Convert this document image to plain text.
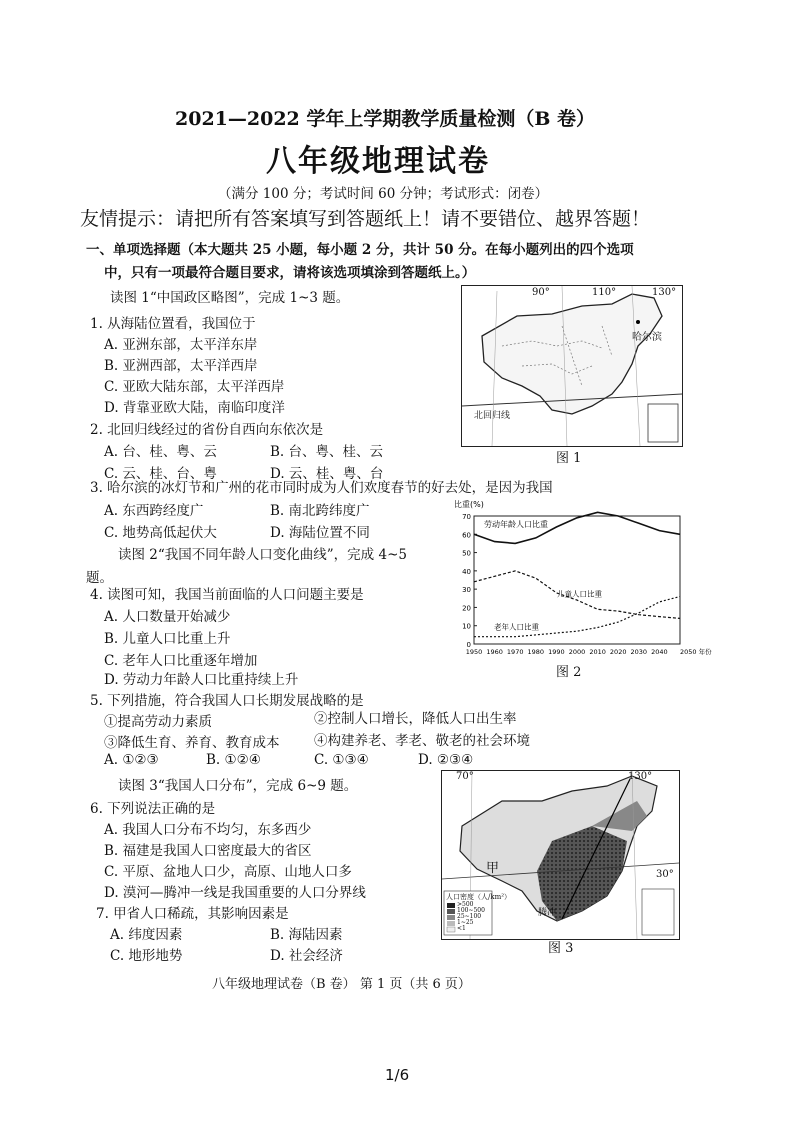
2021—2022 学年上学期教学质量检测（B 卷）
八年级地理试卷
（满分 100 分；考试时间 60 分钟；考试形式：闭卷）
友情提示：请把所有答案填写到答题纸上！请不要错位、越界答题！
一、单项选择题（本大题共 25 小题，每小题 2 分，共计 50 分。在每小题列出的四个选项
中，只有一项最符合题目要求，请将该选项填涂到答题纸上。）
读图 1“中国政区略图”，完成 1~3 题。
1. 从海陆位置看，我国位于
A. 亚洲东部，太平洋东岸
B. 亚洲西部，太平洋西岸
C. 亚欧大陆东部，太平洋西岸
D. 背靠亚欧大陆，南临印度洋
2. 北回归线经过的省份自西向东依次是
A. 台、桂、粤、云	B. 台、粤、桂、云
C. 云、桂、台、粤	D. 云、桂、粤、台
3. 哈尔滨的冰灯节和广州的花市同时成为人们欢度春节的好去处，是因为我国
A. 东西跨经度广	B. 南北跨纬度广
C. 地势高低起伏大	D. 海陆位置不同
读图 2“我国不同年龄人口变化曲线”，完成 4~5
题。
4. 读图可知，我国当前面临的人口问题主要是
A. 人口数量开始减少
B. 儿童人口比重上升
C. 老年人口比重逐年增加
D. 劳动力年龄人口比重持续上升
5. 下列措施，符合我国人口长期发展战略的是
①提高劳动力素质	②控制人口增长，降低人口出生率
③降低生育、养育、教育成本	④构建养老、孝老、敬老的社会环境
A. ①②③	B. ①②④	C. ①③④	D. ②③④
读图 3“我国人口分布”，完成 6~9 题。
6. 下列说法正确的是
A. 我国人口分布不均匀，东多西少
B. 福建是我国人口密度最大的省区
C. 平原、盆地人口少，高原、山地人口多
D. 漠河—腾冲一线是我国重要的人口分界线
7. 甲省人口稀疏，其影响因素是
A. 纬度因素	B. 海陆因素
C. 地形地势	D. 社会经济
90°	110°	130°
哈尔滨
北回归线
图 1
比重(%)
70
60
50
40
30
20
10
0
1950 1960 1970 1980 1990 2000 2010 2020 2030 2040 2050 年份
劳动年龄人口比重
儿童人口比重
老年人口比重
图 2
70°	130°
30°
甲
腾冲
人口密度（人/km²）
>500
100~500
25~100
1~25
<1
图 3
八年级地理试卷（B 卷） 第 1 页（共 6 页）
1/6
